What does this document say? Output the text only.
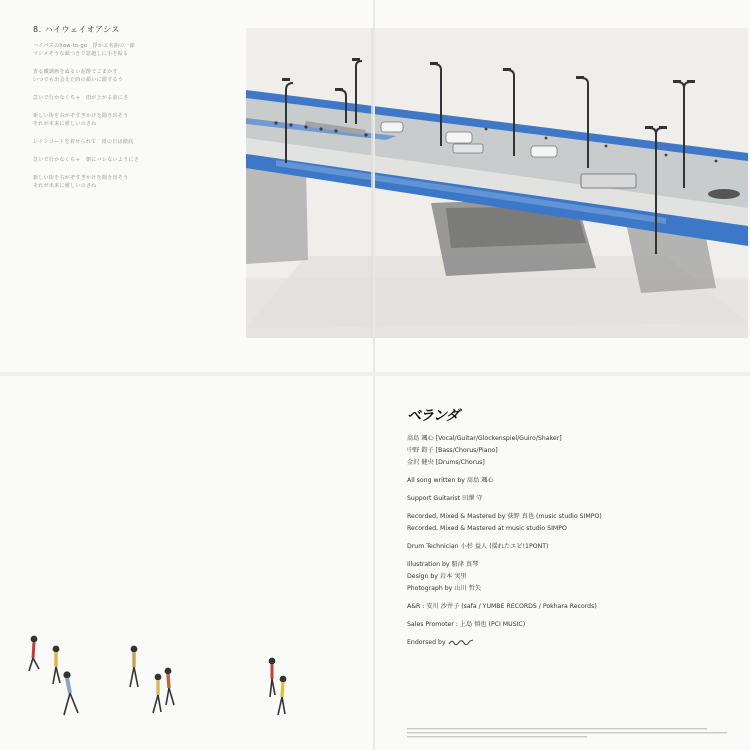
8. ハイウェイオアシス
ハイパスのhow-to-go　浮かぶ名曲の一節
マジメそうな顔つきで窓越しに手を振る
青る鐵調画をぬるい泥酔でごまかす
いつでも出会えた時の顔いに値するう
急いで行かなくちゃ　雨が上がる前にさ
新しい街を右がぞすぎかけを聞き出そう
それが未来に値しいのさね
レインコートを着せられて　雨の日は徹底
急いで行かなくちゃ　朝にバレないようにさ
新しい街を右がぞすぎかけを聞き出そう
それが未来に値しいのさね
ベランダ
髙島 颯心 [Vocal/Guitar/Glockenspiel/Guiro/Shaker]
中野 鈞子 [Bass/Chorus/Piano]
金沢 健央 [Drums/Chorus]
All song written by 髙島 颯心
Support Guitarist 田澤 守
Recorded, Mixed & Mastered by 荻野 真也 (music studio SIMPO)
Recorded, Mixed & Mastered at music studio SIMPO
Drum Technician 小杉 益人 (揺れたエビ!1PONT)
Illustration by 船津 真琴
Design by 岩本 実里
Photograph by 山川 哲矢
A&R : 安川 沙井子 (safa / YUMBE RECORDS / Pokhara Records)
Sales Promoter : 上島 慎也 (PCI MUSIC)
Endorsed by
